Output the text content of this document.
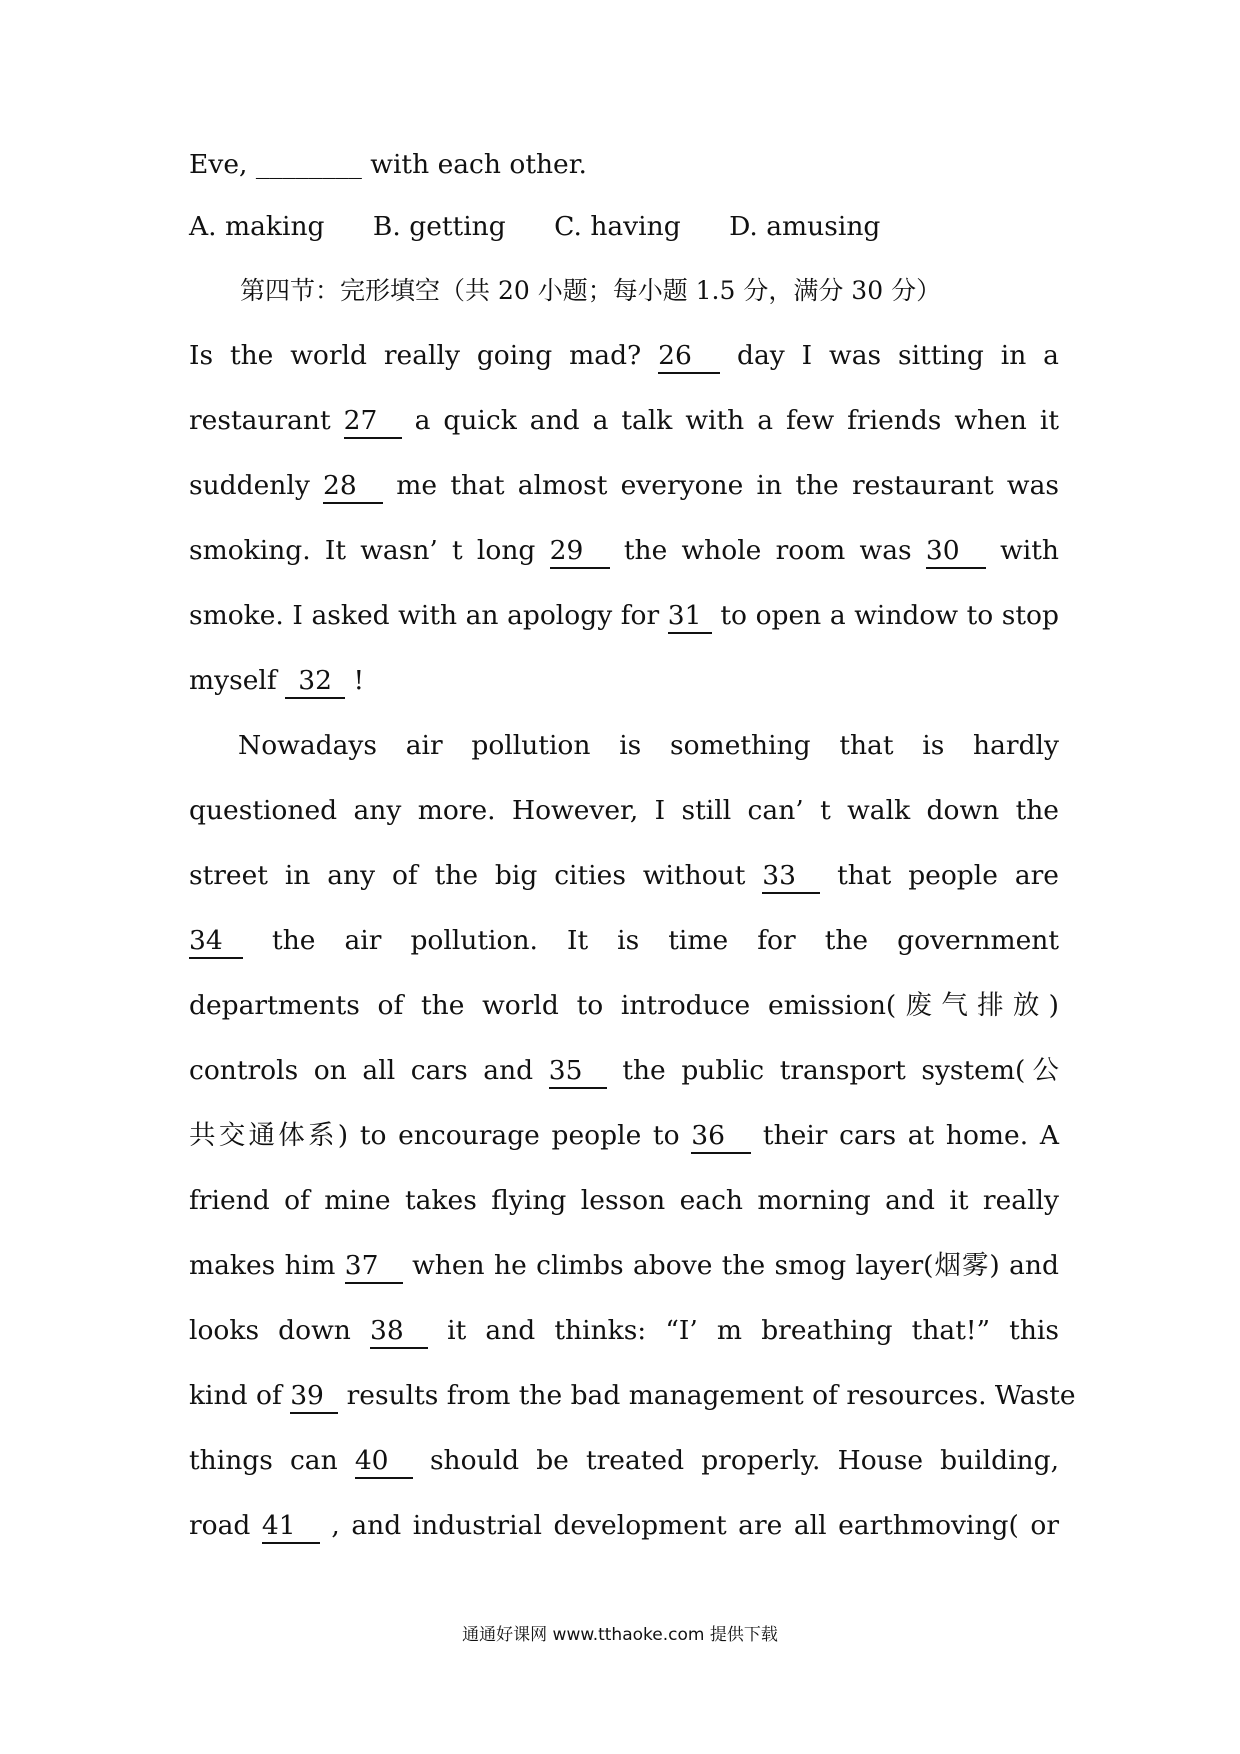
Eve, ________ with each other.
A. making B. getting C. having D. amusing
第四节：完形填空（共 20 小题；每小题 1.5 分，满分 30 分）
Is the world really going mad? 26 day I was sitting in a
restaurant 27 a quick and a talk with a few friends when it
suddenly 28 me that almost everyone in the restaurant was
smoking. It wasn’ t long 29 the whole room was 30 with
smoke. I asked with an apology for 31 to open a window to stop
myself 32 !
Nowadays air pollution is something that is hardly
questioned any more. However, I still can’ t walk down the
street in any of the big cities without 33 that people are
34 the air pollution. It is time for the government
departments of the world to introduce emission(废气排放)
controls on all cars and 35 the public transport system(公
共交通体系) to encourage people to 36 their cars at home. A
friend of mine takes flying lesson each morning and it really
makes him 37 when he climbs above the smog layer(烟雾) and
looks down 38 it and thinks: “I’ m breathing that!” this
kind of 39 results from the bad management of resources. Waste
things can 40 should be treated properly. House building,
road 41 , and industrial development are all earthmoving( or
通通好课网 www.tthaoke.com 提供下载
